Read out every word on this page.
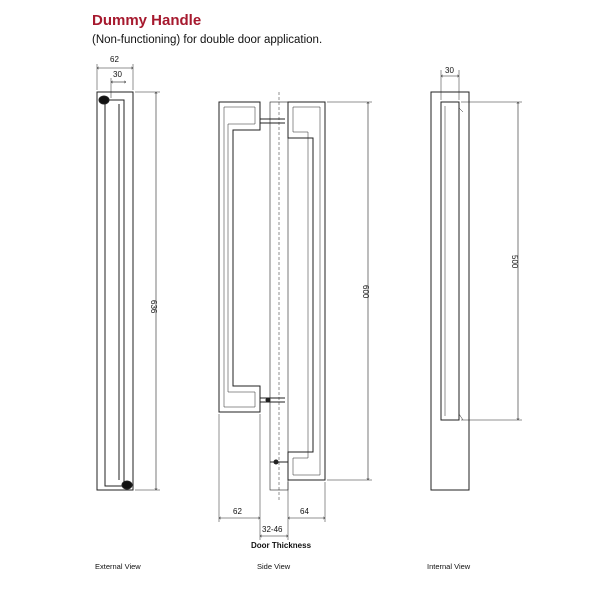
Dummy Handle
(Non-functioning) for double door application.
62
30
636
600
62	64
32-46
30
500
Door Thickness
External View	Side View	Internal View
